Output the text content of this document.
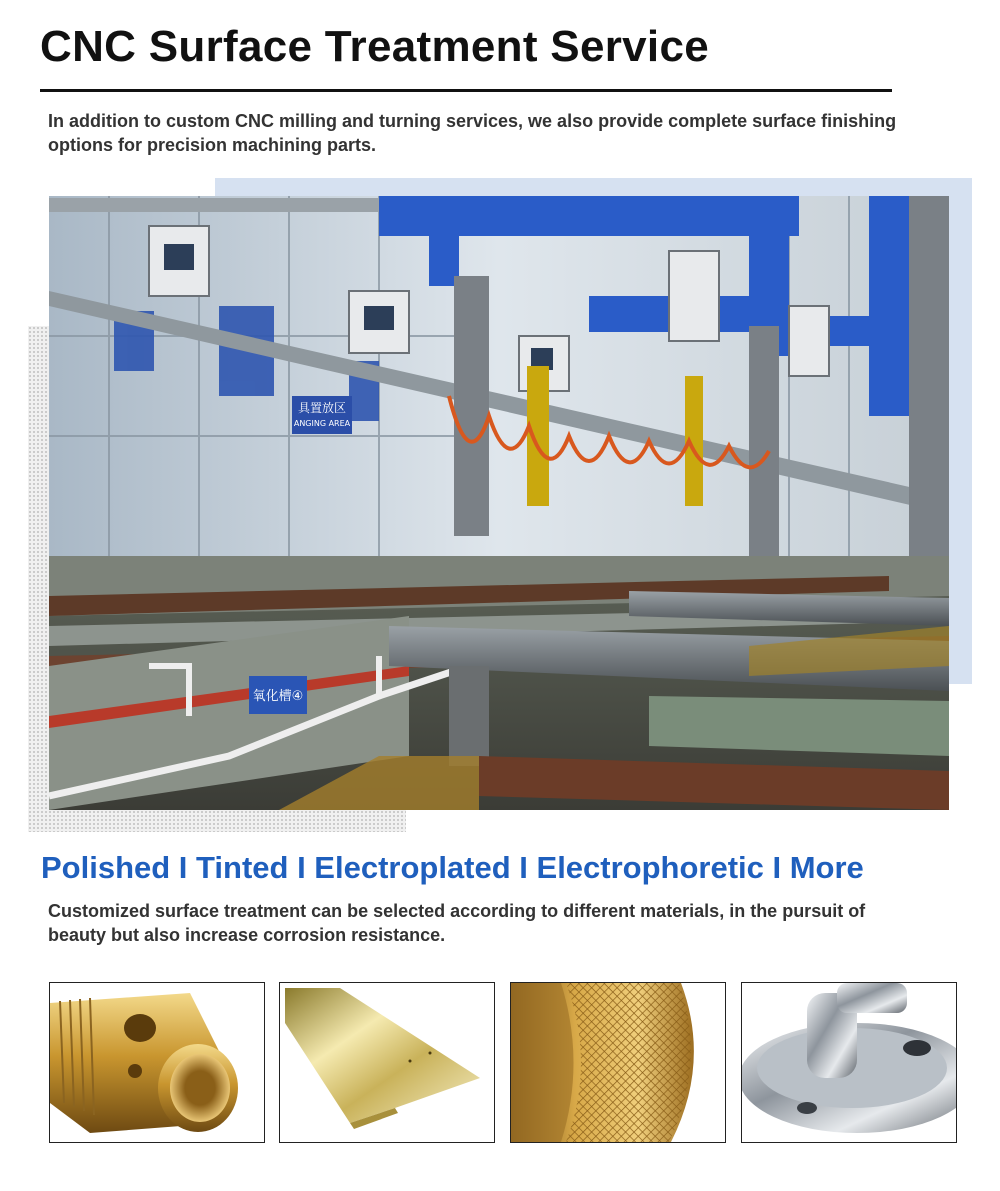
CNC Surface Treatment Service

In addition to custom CNC milling and turning services, we also provide complete surface finishing options for precision machining parts.

具置放区
ANGING AREA
氧化槽④
Polished I Tinted I Electroplated I Electrophoretic I More

Customized surface treatment can be selected according to different materials, in the pursuit of beauty but also increase corrosion resistance.
